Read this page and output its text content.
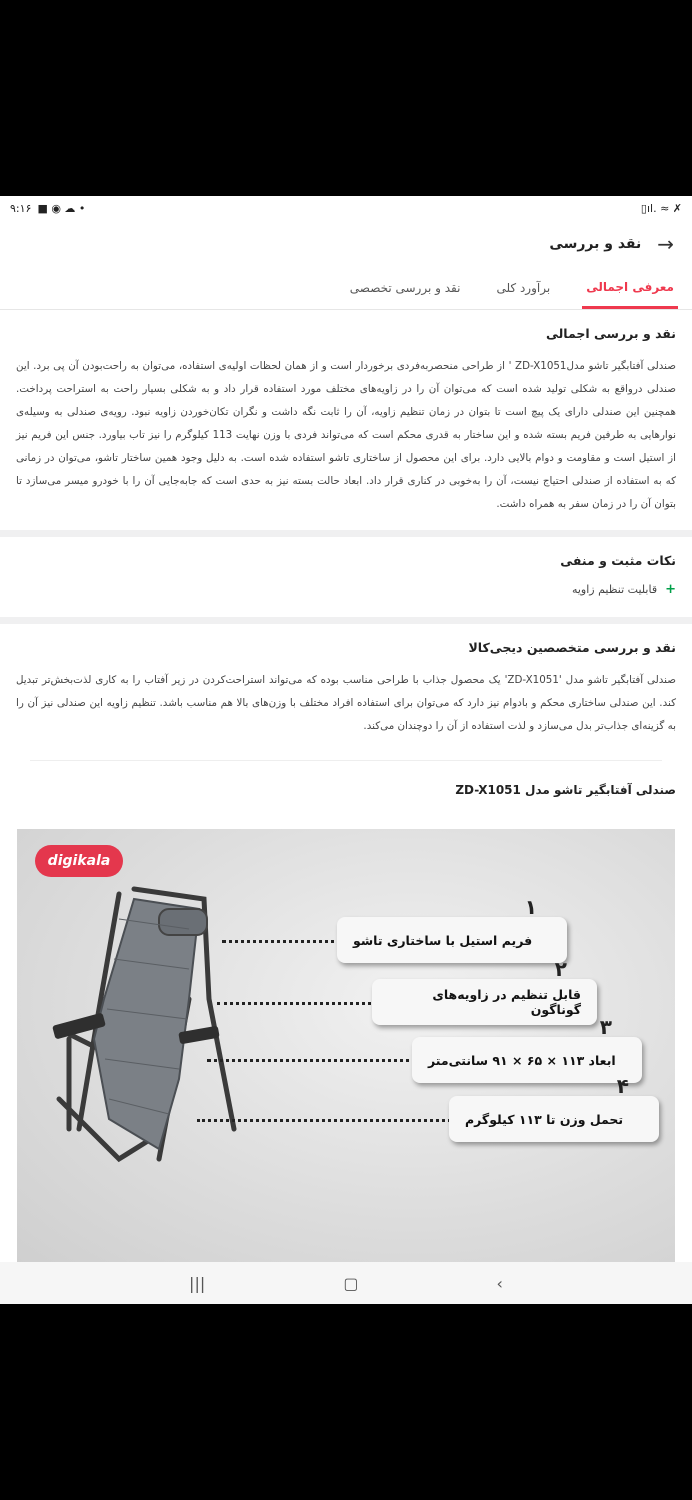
۹:۱۶ ■ ◉ ☁ •	▯ıl. ≈ ✗
نقد و بررسی →
معرفی اجمالی
برآورد کلی
نقد و بررسی تخصصی
نقد و بررسی اجمالی

صندلی آفتابگیر تاشو مدلZD-X1051 ' از طراحی منحصربه‌فردی برخوردار است و از همان لحظات اولیه‌ی استفاده، می‌توان به راحت‌بودن آن پی برد. این صندلی درواقع به شکلی تولید شده است که می‌توان آن را در زاویه‌های مختلف مورد استفاده قرار داد و به شکلی بسیار راحت به استراحت پرداخت. همچنین این صندلی دارای یک پیچ است تا بتوان در زمان تنظیم زاویه، آن را ثابت نگه داشت و نگران تکان‌خوردن زاویه نبود. رویه‌ی صندلی به وسیله‌ی نوارهایی به طرفین فریم بسته شده و این ساختار به قدری محکم است که می‌تواند فردی با وزن نهایت 113 کیلوگرم را نیز تاب بیاورد. جنس این فریم نیز از استیل است و مقاومت و دوام بالایی دارد. برای این محصول از ساختاری تاشو استفاده شده است. به دلیل وجود همین ساختار تاشو، می‌توان در زمانی که به استفاده از صندلی احتیاج نیست، آن را به‌خوبی در کناری قرار داد. ابعاد حالت بسته نیز به حدی است که جابه‌جایی آن را با خودرو میسر می‌سازد تا بتوان آن را در زمان سفر به همراه داشت.

نکات مثبت و منفی
+
قابلیت تنظیم زاویه
نقد و بررسی متخصصین دیجی‌کالا

صندلی آفتابگیر تاشو مدل 'ZD-X1051' یک محصول جذاب با طراحی مناسب بوده که می‌تواند استراحت‌کردن در زیر آفتاب را به کاری لذت‌بخش‌تر تبدیل کند. این صندلی ساختاری محکم و بادوام نیز دارد که می‌توان برای استفاده افراد مختلف با وزن‌های بالا هم مناسب باشد. تنظیم زاویه این صندلی نیز آن را به گزینه‌ای جذاب‌تر بدل می‌سازد و لذت استفاده از آن را دوچندان می‌کند.

صندلی آفتابگیر تاشو مدل ZD-X1051
digikala
۱
فریم استیل با ساختاری تاشو
۲
قابل تنظیم در زاویه‌های گوناگون
۳
ابعاد ۱۱۳ × ۶۵ × ۹۱ سانتی‌متر
۴
تحمل وزن تا ۱۱۳ کیلوگرم
|||	▢	‹
